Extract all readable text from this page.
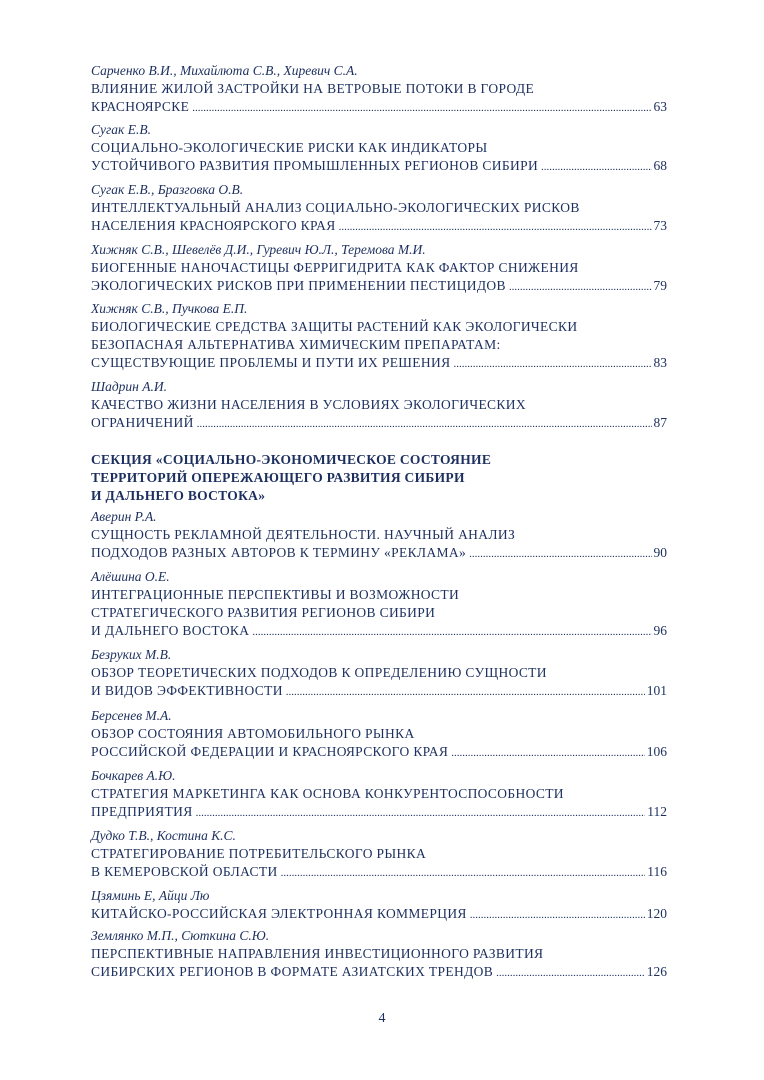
Сарченко В.И., Михайлюта С.В., Хиревич С.А.
ВЛИЯНИЕ ЖИЛОЙ ЗАСТРОЙКИ НА ВЕТРОВЫЕ ПОТОКИ В ГОРОДЕ
КРАСНОЯРСКЕ .....	63
Сугак Е.В.
СОЦИАЛЬНО-ЭКОЛОГИЧЕСКИЕ РИСКИ КАК ИНДИКАТОРЫ
УСТОЙЧИВОГО РАЗВИТИЯ ПРОМЫШЛЕННЫХ РЕГИОНОВ СИБИРИ .....	68
Сугак Е.В., Бразговка О.В.
ИНТЕЛЛЕКТУАЛЬНЫЙ АНАЛИЗ СОЦИАЛЬНО-ЭКОЛОГИЧЕСКИХ РИСКОВ
НАСЕЛЕНИЯ КРАСНОЯРСКОГО КРАЯ .....	73
Хижняк С.В., Шевелёв Д.И., Гуревич Ю.Л., Теремова М.И.
БИОГЕННЫЕ НАНОЧАСТИЦЫ ФЕРРИГИДРИТА КАК ФАКТОР СНИЖЕНИЯ
ЭКОЛОГИЧЕСКИХ РИСКОВ ПРИ ПРИМЕНЕНИИ ПЕСТИЦИДОВ .....	79
Хижняк С.В., Пучкова Е.П.
БИОЛОГИЧЕСКИЕ СРЕДСТВА ЗАЩИТЫ РАСТЕНИЙ КАК ЭКОЛОГИЧЕСКИ
БЕЗОПАСНАЯ АЛЬТЕРНАТИВА ХИМИЧЕСКИМ ПРЕПАРАТАМ:
СУЩЕСТВУЮЩИЕ ПРОБЛЕМЫ И ПУТИ ИХ РЕШЕНИЯ .....	83
Шадрин А.И.
КАЧЕСТВО ЖИЗНИ НАСЕЛЕНИЯ В УСЛОВИЯХ ЭКОЛОГИЧЕСКИХ
ОГРАНИЧЕНИЙ .....	87
СЕКЦИЯ «СОЦИАЛЬНО-ЭКОНОМИЧЕСКОЕ СОСТОЯНИЕ
ТЕРРИТОРИЙ ОПЕРЕЖАЮЩЕГО РАЗВИТИЯ СИБИРИ
И ДАЛЬНЕГО ВОСТОКА»
Аверин Р.А.
СУЩНОСТЬ РЕКЛАМНОЙ ДЕЯТЕЛЬНОСТИ. НАУЧНЫЙ АНАЛИЗ
ПОДХОДОВ РАЗНЫХ АВТОРОВ К ТЕРМИНУ «РЕКЛАМА» .....	90
Алёшина О.Е.
ИНТЕГРАЦИОННЫЕ ПЕРСПЕКТИВЫ И ВОЗМОЖНОСТИ
СТРАТЕГИЧЕСКОГО РАЗВИТИЯ РЕГИОНОВ СИБИРИ
И ДАЛЬНЕГО ВОСТОКА .....	96
Безруких М.В.
ОБЗОР ТЕОРЕТИЧЕСКИХ ПОДХОДОВ К ОПРЕДЕЛЕНИЮ СУЩНОСТИ
И ВИДОВ ЭФФЕКТИВНОСТИ .....	101
Берсенев М.А.
ОБЗОР СОСТОЯНИЯ АВТОМОБИЛЬНОГО РЫНКА
РОССИЙСКОЙ ФЕДЕРАЦИИ И КРАСНОЯРСКОГО КРАЯ .....	106
Бочкарев А.Ю.
СТРАТЕГИЯ МАРКЕТИНГА КАК ОСНОВА КОНКУРЕНТОСПОСОБНОСТИ
ПРЕДПРИЯТИЯ .....	112
Дудко Т.В., Костина К.С.
СТРАТЕГИРОВАНИЕ ПОТРЕБИТЕЛЬСКОГО РЫНКА
В КЕМЕРОВСКОЙ ОБЛАСТИ .....	116
Цзяминь Е, Айци Лю
КИТАЙСКО-РОССИЙСКАЯ ЭЛЕКТРОННАЯ КОММЕРЦИЯ .....	120
Землянко М.П., Сюткина С.Ю.
ПЕРСПЕКТИВНЫЕ НАПРАВЛЕНИЯ ИНВЕСТИЦИОННОГО РАЗВИТИЯ
СИБИРСКИХ РЕГИОНОВ В ФОРМАТЕ АЗИАТСКИХ ТРЕНДОВ .....	126
4
